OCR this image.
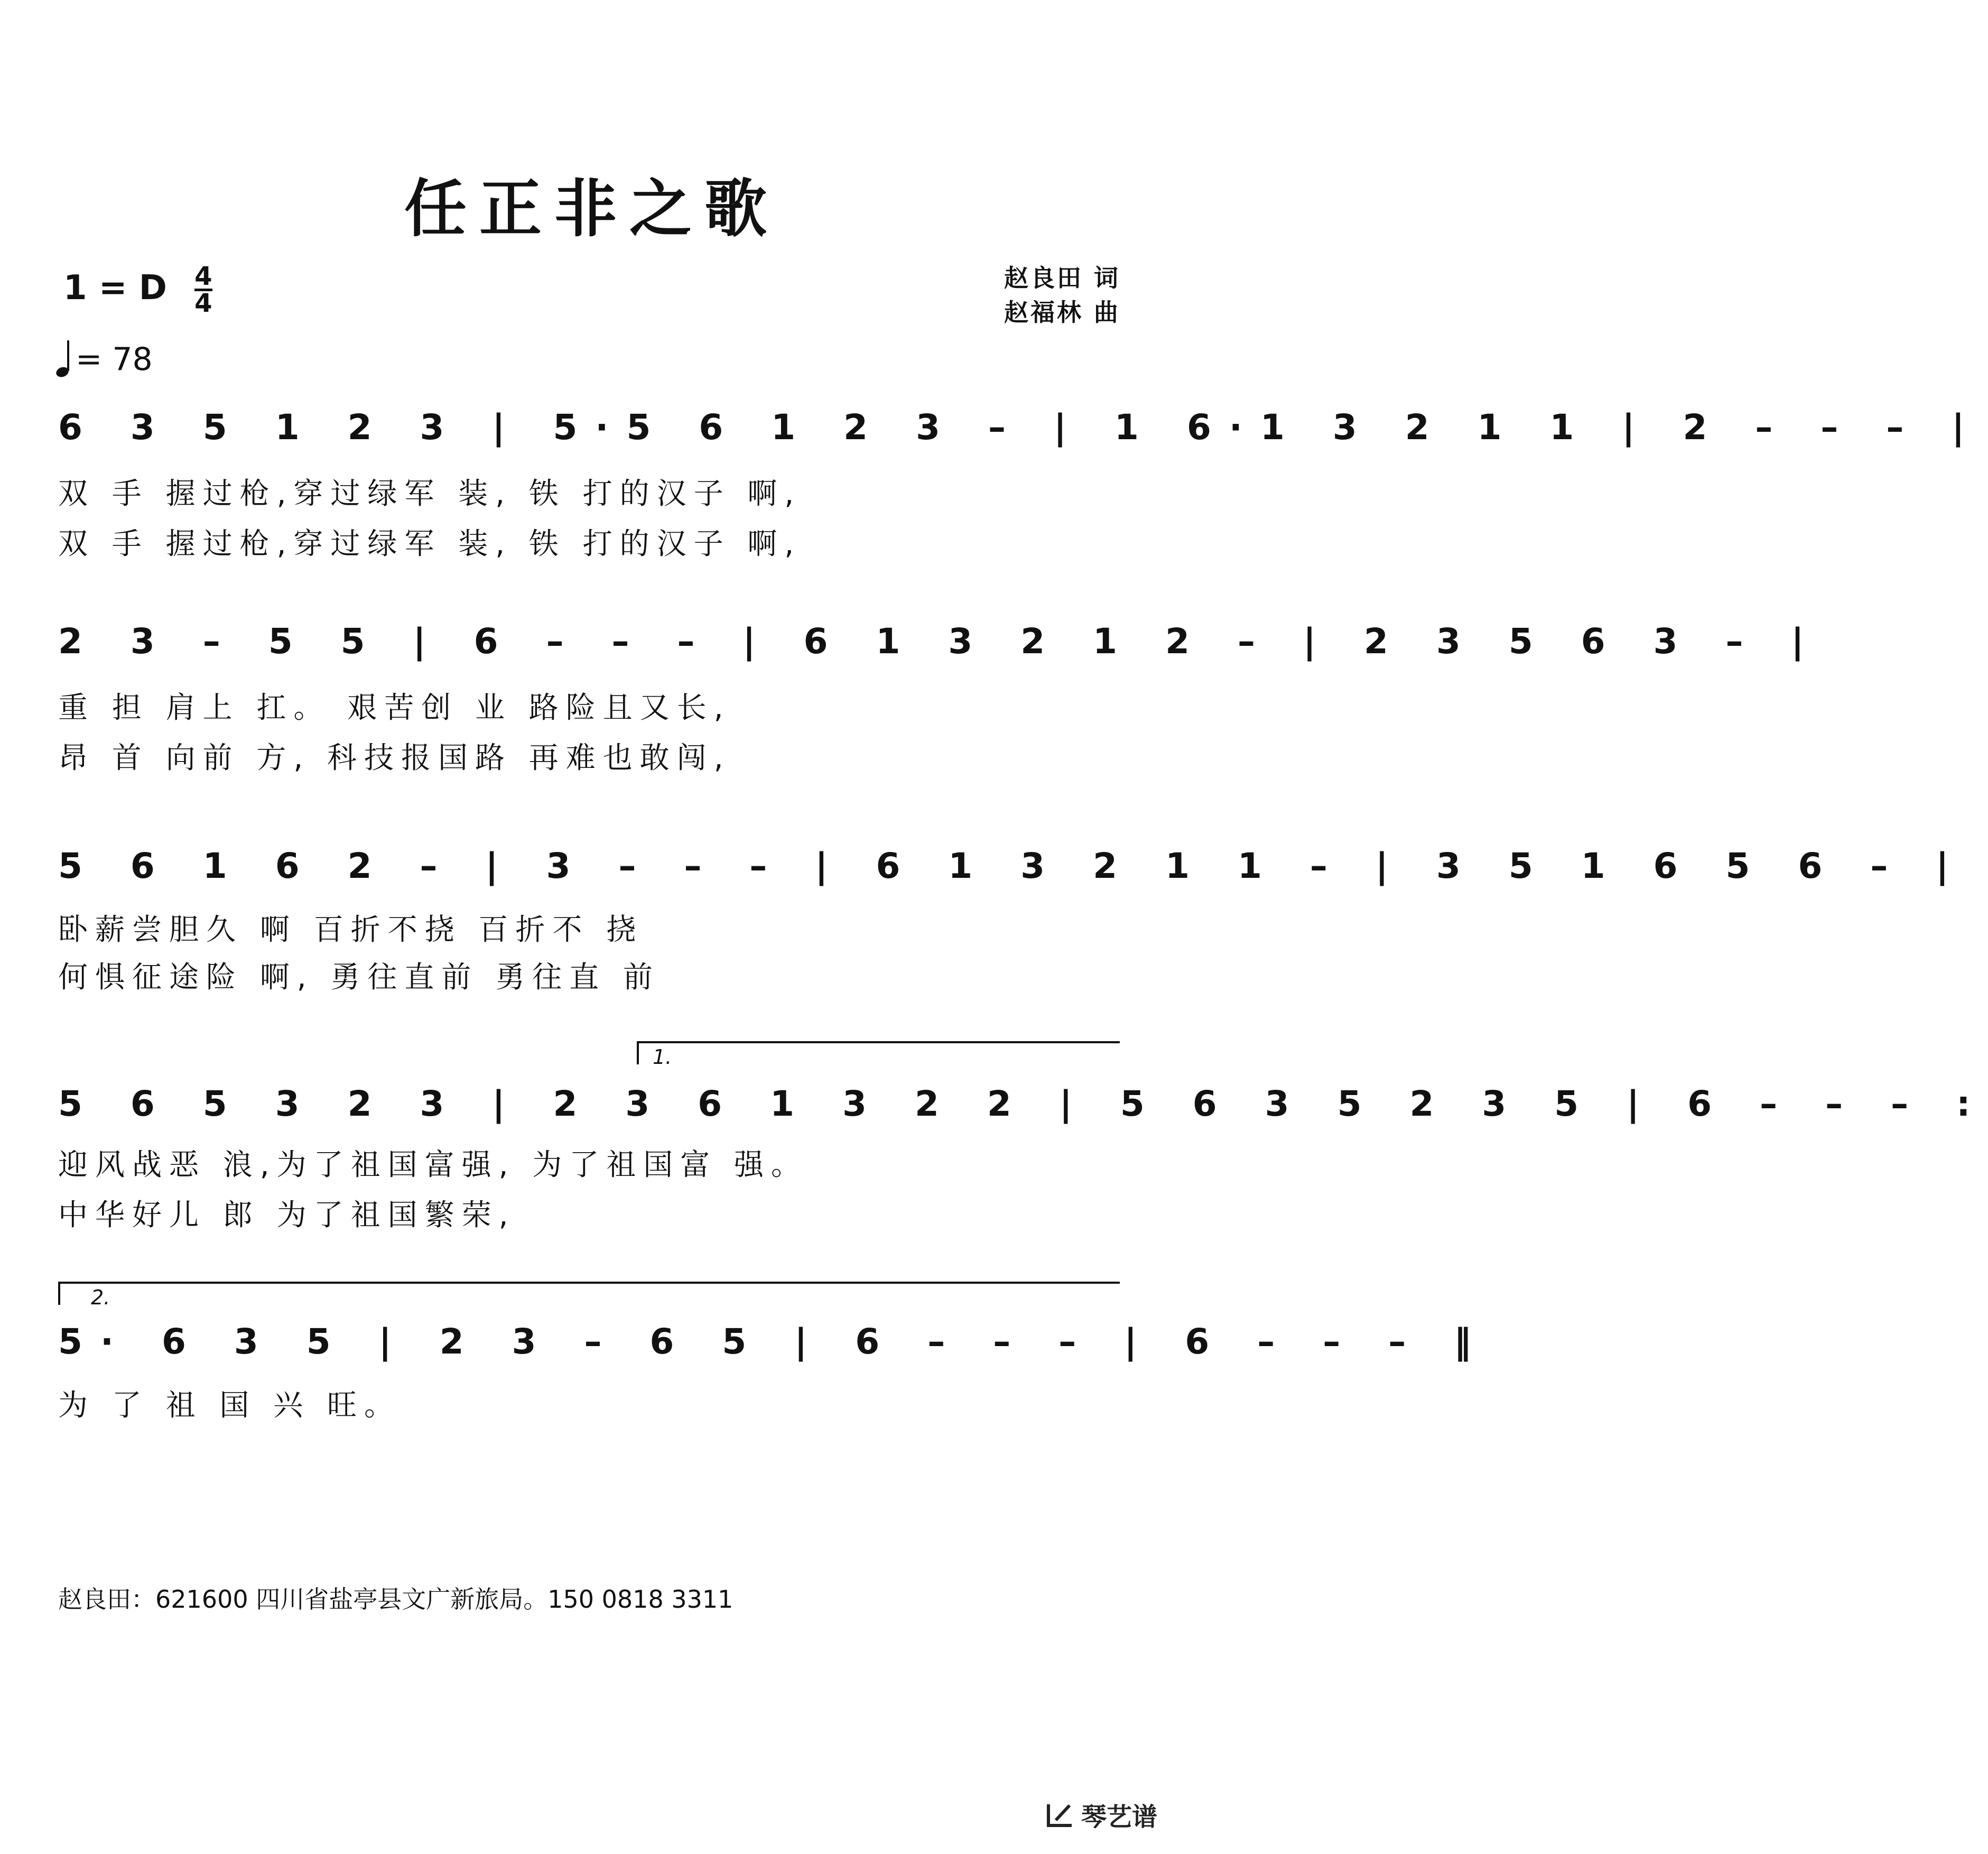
任正非之歌
1 = D $\frac{4}{4}$	赵良田 词
赵福林 曲
= 78
6 3 5 1 2 3 | 5·5 6 1 2 3 – | 1 6·1 3 2 1 1 | 2 – – – |
双 手 握过枪,穿过绿军 装, 铁 打的汉子 啊,
双 手 握过枪,穿过绿军 装, 铁 打的汉子 啊,
2 3 – 5 5 | 6 – – – | 6 1 3 2 1 2 – | 2 3 5 6 3 – |
重 担 肩上 扛。 艰苦创 业 路险且又长,
昂 首 向前 方, 科技报国路 再难也敢闯,
5 6 1 6 2 – | 3 – – – | 6 1 3 2 1 1 – | 3 5 1 6 5 6 – |
卧薪尝胆久 啊 百折不挠 百折不 挠
何惧征途险 啊, 勇往直前 勇往直 前
1.
5 6 5 3 2 3 | 2 3 6 1 3 2 2 | 5 6 3 5 2 3 5 | 6 – – – :
迎风战恶 浪,为了祖国富强, 为了祖国富 强。
中华好儿 郎 为了祖国繁荣,
2.
5· 6 3 5 | 2 3 – 6 5 | 6 – – – | 6 – – – ‖
为 了 祖 国 兴 旺。
赵良田：621600 四川省盐亭县文广新旅局。150 0818 3311
琴艺谱
